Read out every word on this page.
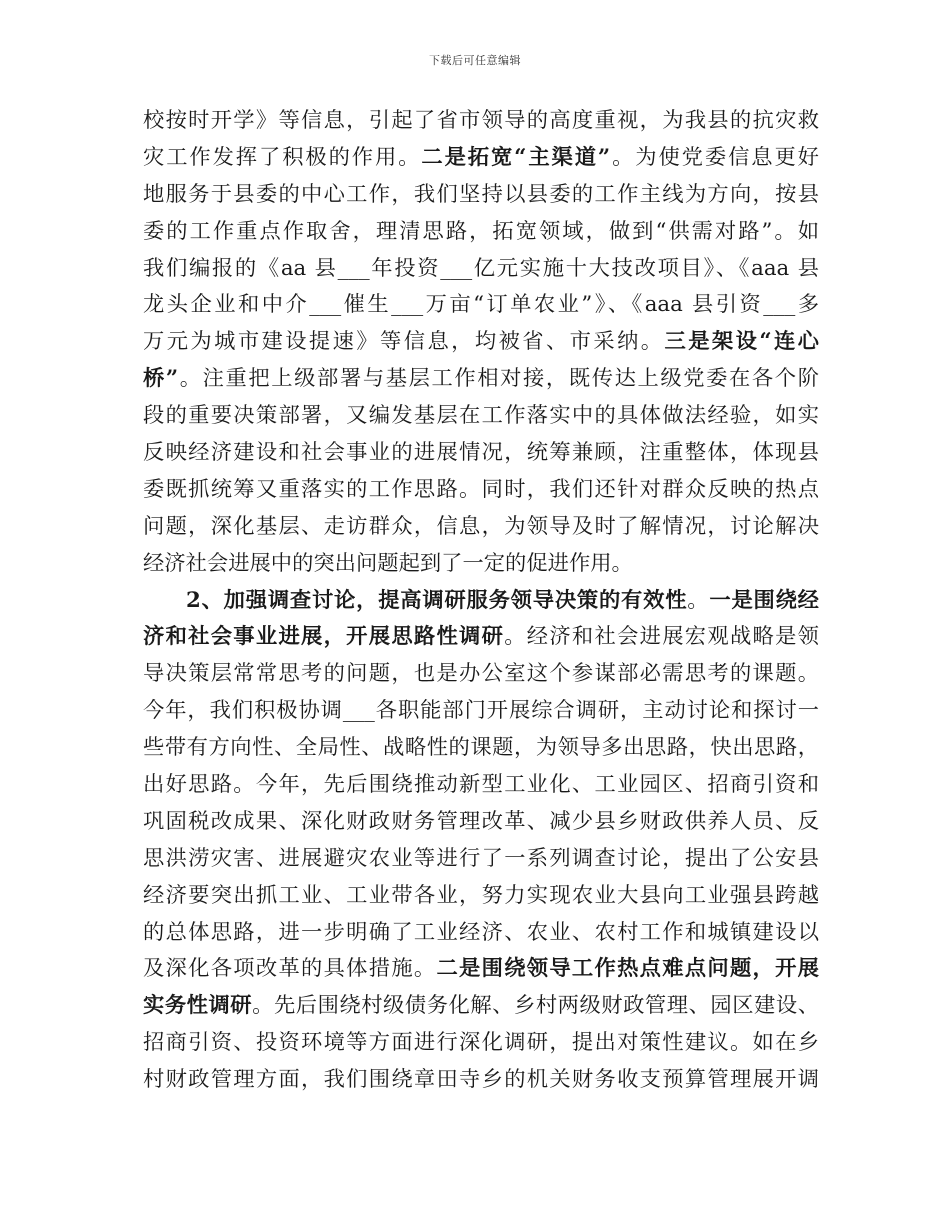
下载后可任意编辑
校按时开学》等信息，引起了省市领导的高度重视，为我县的抗灾救
灾工作发挥了积极的作用。二是拓宽“主渠道”。为使党委信息更好
地服务于县委的中心工作，我们坚持以县委的工作主线为方向，按县
委的工作重点作取舍，理清思路，拓宽领域，做到“供需对路”。如
我们编报的《aa 县___年投资___亿元实施十大技改项目》、《aaa 县
龙头企业和中介___催生___万亩“订单农业”》、《aaa 县引资___多
万元为城市建设提速》等信息，均被省、市采纳。三是架设“连心
桥”。注重把上级部署与基层工作相对接，既传达上级党委在各个阶
段的重要决策部署，又编发基层在工作落实中的具体做法经验，如实
反映经济建设和社会事业的进展情况，统筹兼顾，注重整体，体现县
委既抓统筹又重落实的工作思路。同时，我们还针对群众反映的热点
问题，深化基层、走访群众，信息，为领导及时了解情况，讨论解决
经济社会进展中的突出问题起到了一定的促进作用。
2、加强调查讨论，提高调研服务领导决策的有效性。一是围绕经
济和社会事业进展，开展思路性调研。经济和社会进展宏观战略是领
导决策层常常思考的问题，也是办公室这个参谋部必需思考的课题。
今年，我们积极协调___各职能部门开展综合调研，主动讨论和探讨一
些带有方向性、全局性、战略性的课题，为领导多出思路，快出思路，
出好思路。今年，先后围绕推动新型工业化、工业园区、招商引资和
巩固税改成果、深化财政财务管理改革、减少县乡财政供养人员、反
思洪涝灾害、进展避灾农业等进行了一系列调查讨论，提出了公安县
经济要突出抓工业、工业带各业，努力实现农业大县向工业强县跨越
的总体思路，进一步明确了工业经济、农业、农村工作和城镇建设以
及深化各项改革的具体措施。二是围绕领导工作热点难点问题，开展
实务性调研。先后围绕村级债务化解、乡村两级财政管理、园区建设、
招商引资、投资环境等方面进行深化调研，提出对策性建议。如在乡
村财政管理方面，我们围绕章田寺乡的机关财务收支预算管理展开调
